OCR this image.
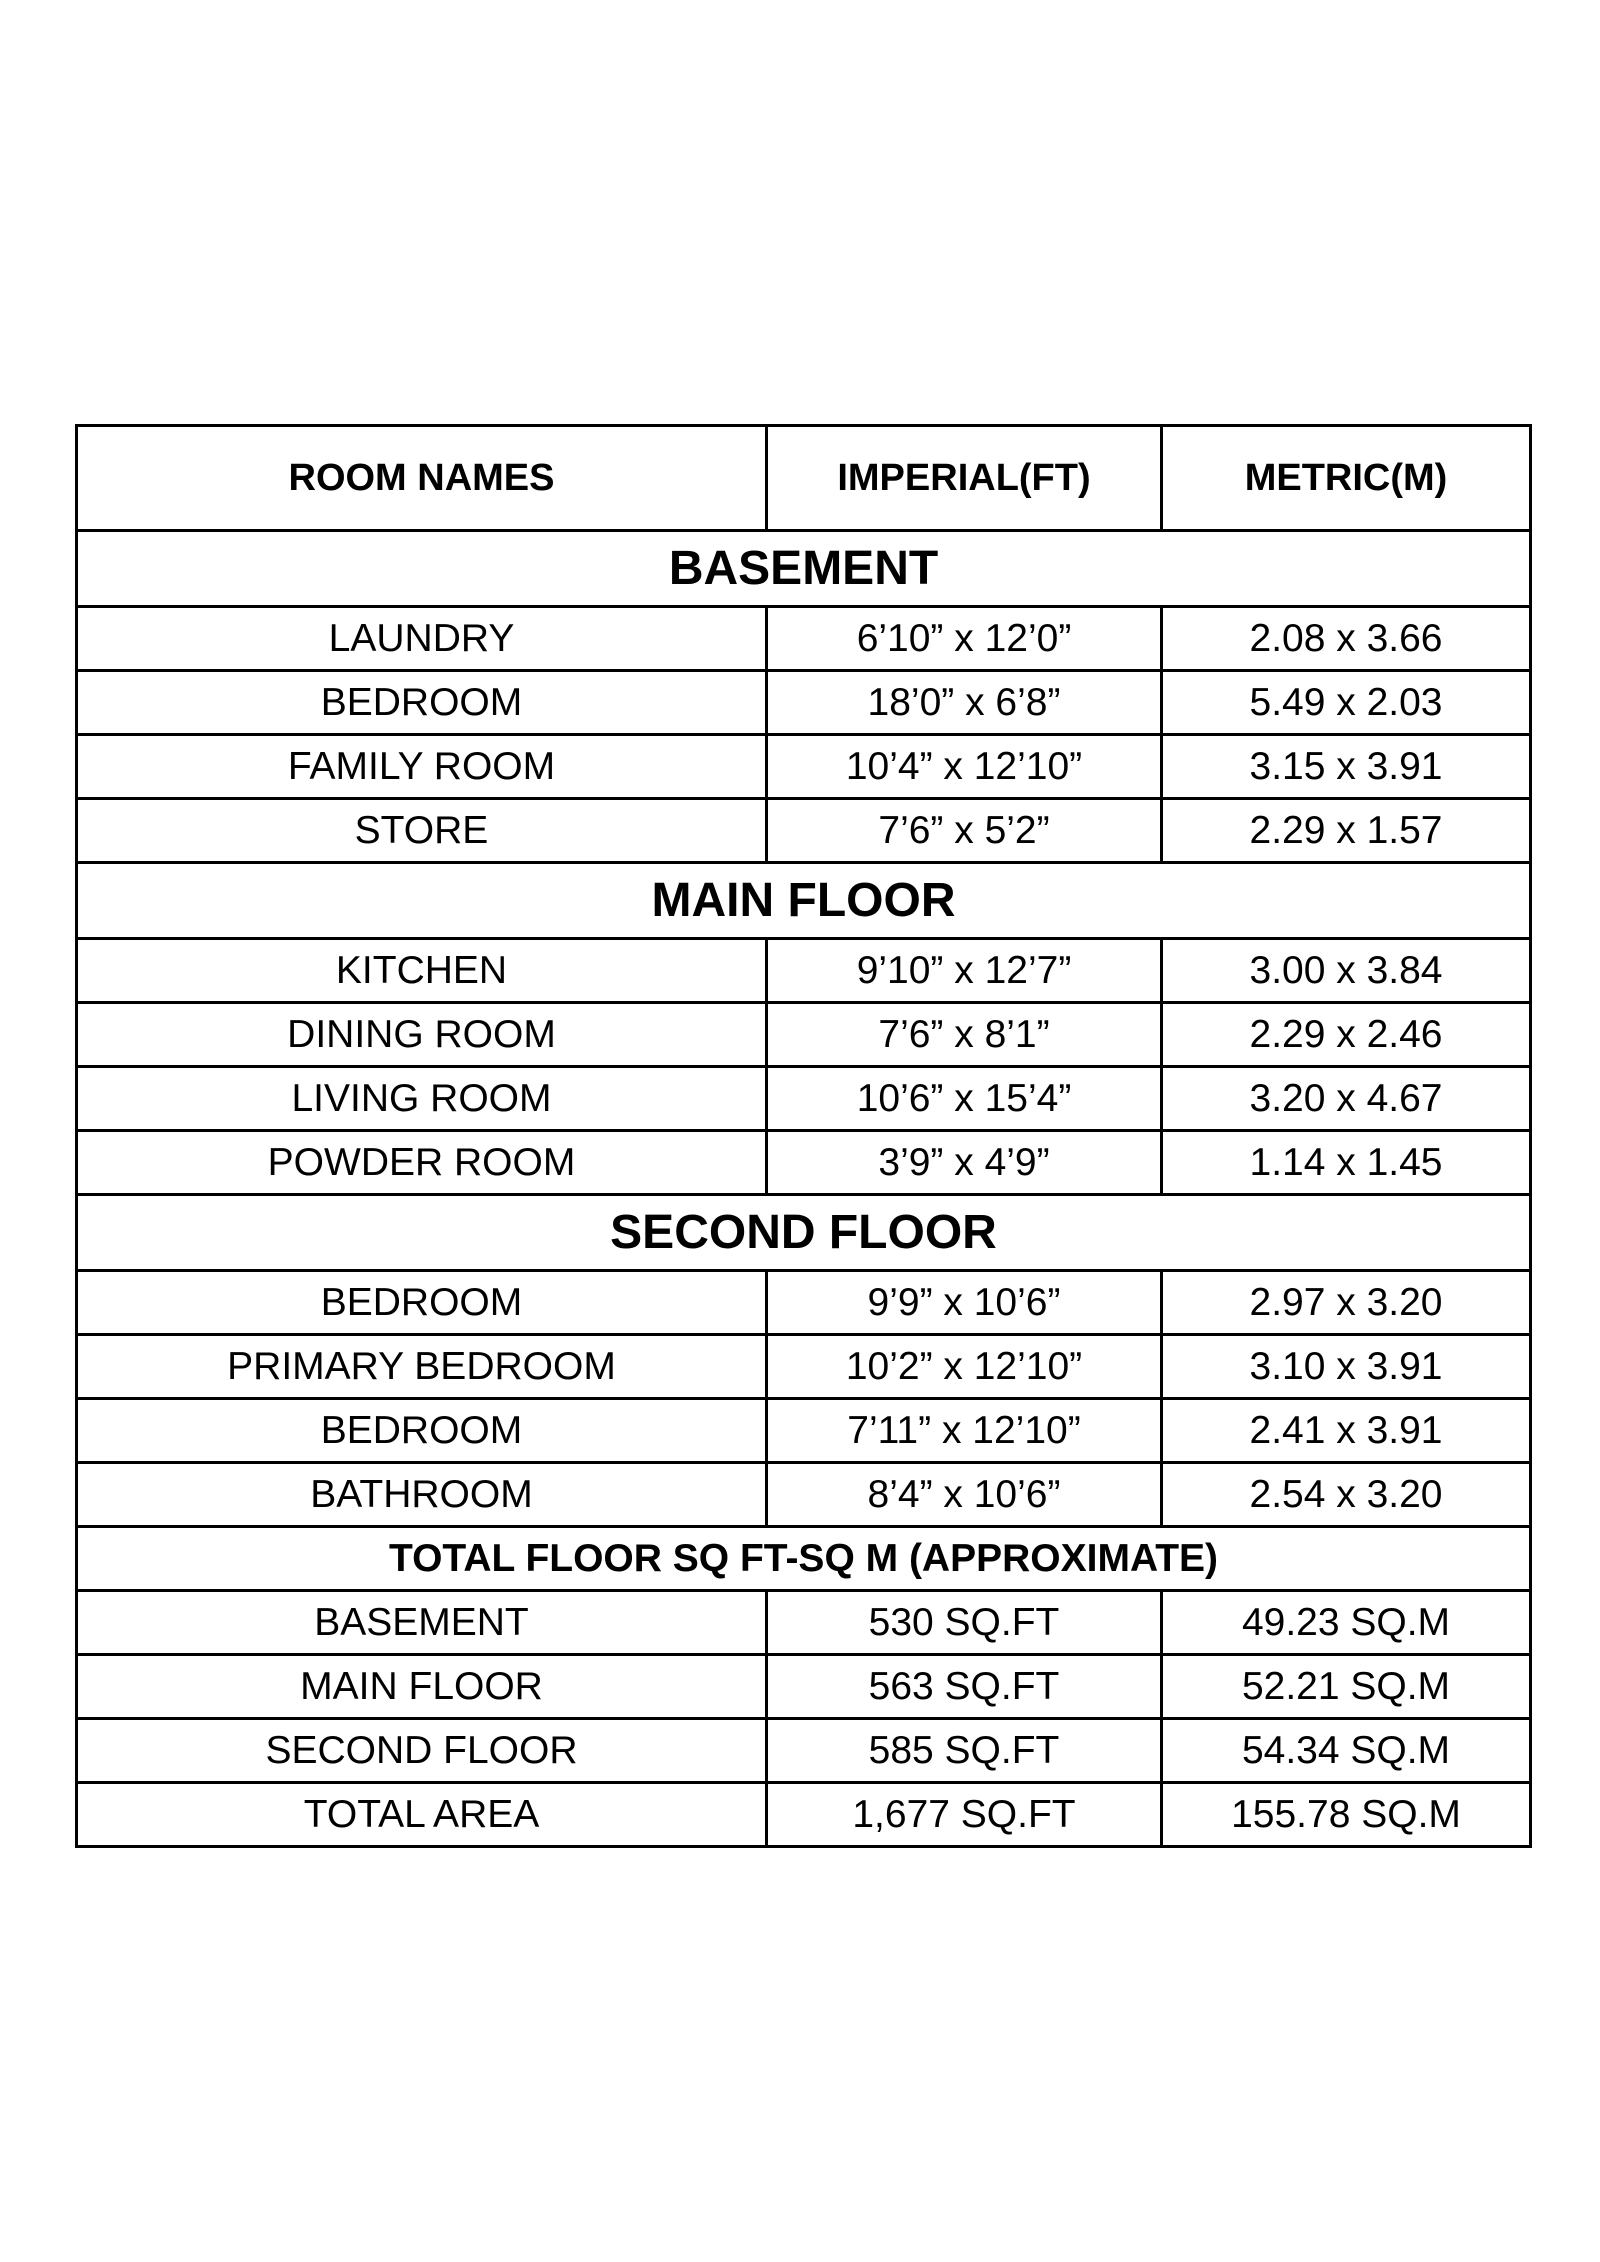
ROOM NAMES	IMPERIAL(FT)	METRIC(M)
BASEMENT		
LAUNDRY	6’10” x 12’0”	2.08 x 3.66
BEDROOM	18’0” x 6’8”	5.49 x 2.03
FAMILY ROOM	10’4” x 12’10”	3.15 x 3.91
STORE	7’6” x 5’2”	2.29 x 1.57
MAIN FLOOR		
KITCHEN	9’10” x 12’7”	3.00 x 3.84
DINING ROOM	7’6” x 8’1”	2.29 x 2.46
LIVING ROOM	10’6” x 15’4”	3.20 x 4.67
POWDER ROOM	3’9” x 4’9”	1.14 x 1.45
SECOND FLOOR		
BEDROOM	9’9” x 10’6”	2.97 x 3.20
PRIMARY BEDROOM	10’2” x 12’10”	3.10 x 3.91
BEDROOM	7’11” x 12’10”	2.41 x 3.91
BATHROOM	8’4” x 10’6”	2.54 x 3.20
TOTAL FLOOR SQ FT-SQ M (APPROXIMATE)		
BASEMENT	530 SQ.FT	49.23 SQ.M
MAIN FLOOR	563 SQ.FT	52.21 SQ.M
SECOND FLOOR	585 SQ.FT	54.34 SQ.M
TOTAL AREA	1,677 SQ.FT	155.78 SQ.M
